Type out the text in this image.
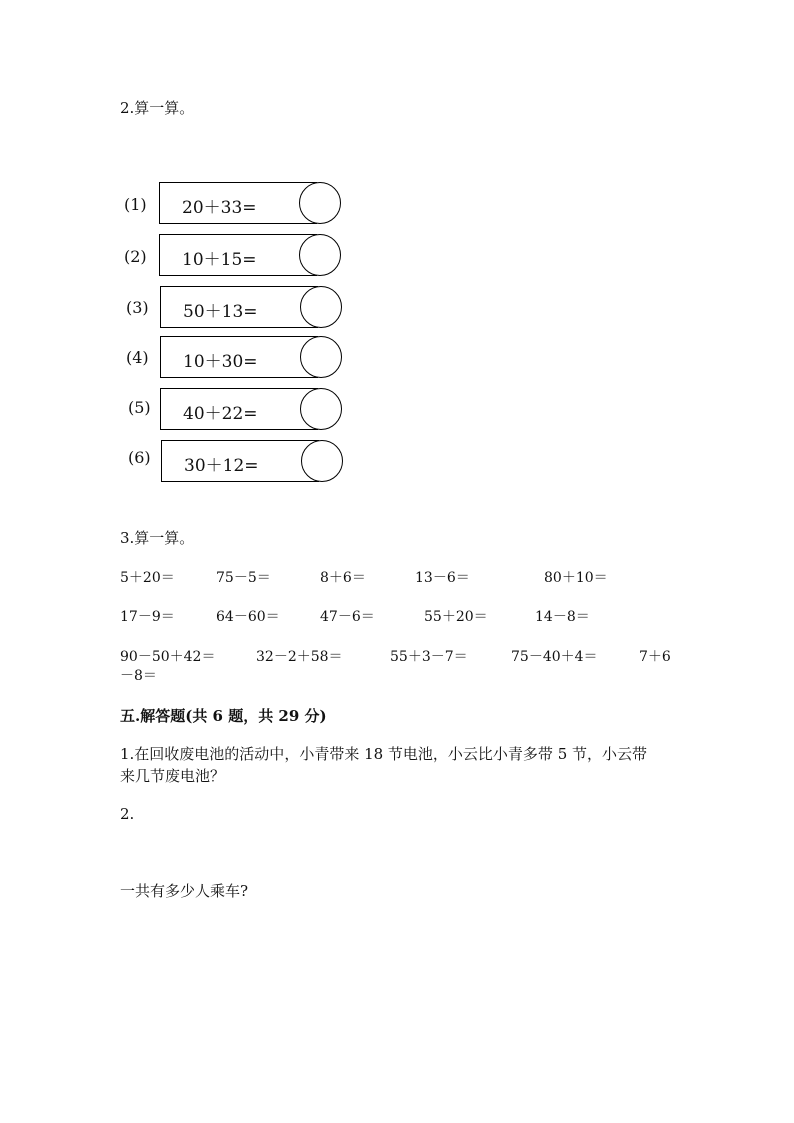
2.算一算。
(1) 20＋33=
(2) 10＋15=
(3) 50＋13=
(4) 10＋30=
(5) 40＋22=
(6) 30＋12=
3.算一算。
5＋20＝	75－5＝	8＋6＝	13－6＝	80＋10＝
17－9＝	64－60＝	47－6＝	55＋20＝	14－8＝
90－50＋42＝	32－2＋58＝	55＋3－7＝	75－40＋4＝	7＋6
－8＝
五.解答题(共 6 题，共 29 分)
1.在回收废电池的活动中，小青带来 18 节电池，小云比小青多带 5 节，小云带
来几节废电池？
2.
一共有多少人乘车?
